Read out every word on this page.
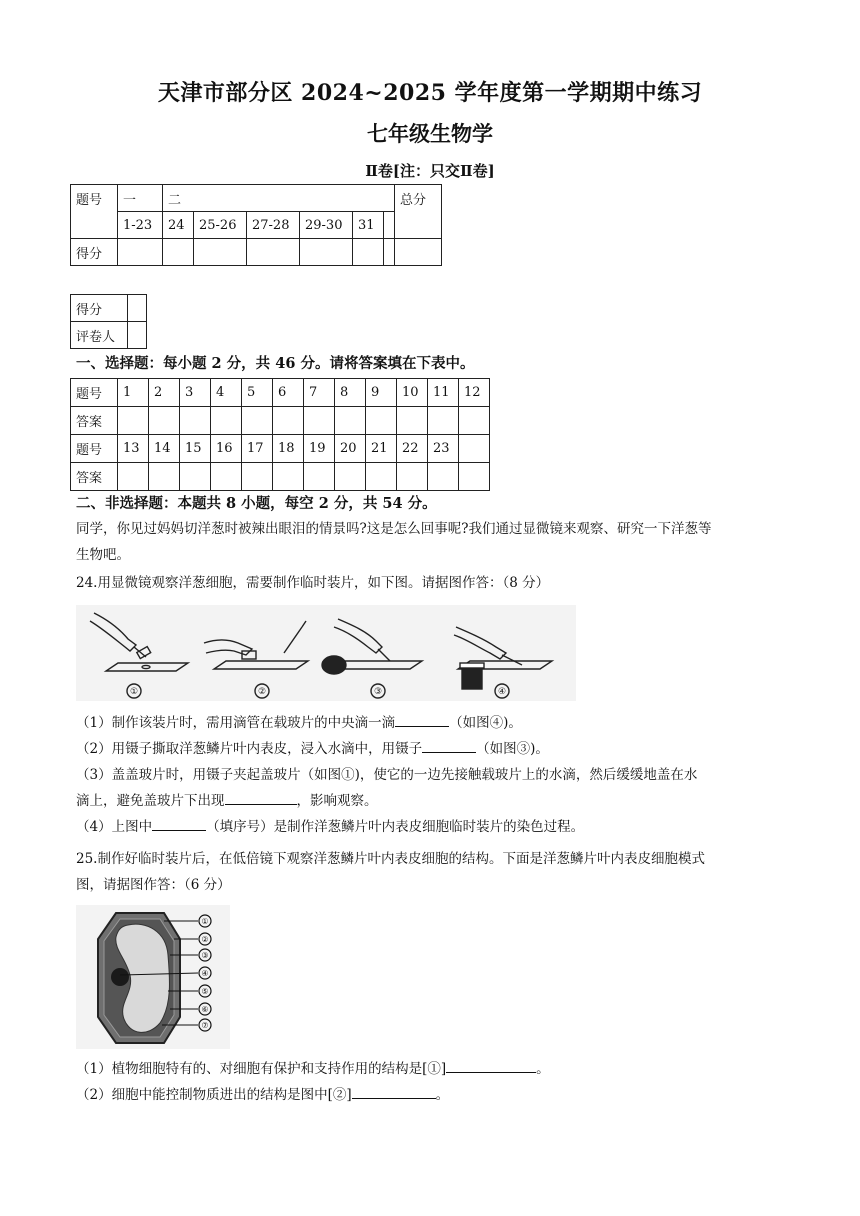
天津市部分区 2024~2025 学年度第一学期期中练习
七年级生物学
Ⅱ卷[注：只交Ⅱ卷]
题号	一	二						总分
	1-23	24	25-26	27-28	29-30	31		
得分								
得分	
评卷人	
一、选择题：每小题 2 分，共 46 分。请将答案填在下表中。
题号	1	2	3	4	5	6	7	8	9	10	11	12
答案												
题号	13	14	15	16	17	18	19	20	21	22	23	
答案												
二、非选择题：本题共 8 小题，每空 2 分，共 54 分。
同学，你见过妈妈切洋葱时被辣出眼泪的情景吗?这是怎么回事呢?我们通过显微镜来观察、研究一下洋葱等
生物吧。
24.用显微镜观察洋葱细胞，需要制作临时装片，如下图。请据图作答：（8 分）
①	②	③	④
（1）制作该装片时，需用滴管在载玻片的中央滴一滴	（如图④)。
（2）用镊子撕取洋葱鳞片叶内表皮，浸入水滴中，用镊子	（如图③)。
（3）盖盖玻片时，用镊子夹起盖玻片（如图①)，使它的一边先接触载玻片上的水滴，然后缓缓地盖在水
滴上，避免盖玻片下出现	，影响观察。
（4）上图中	（填序号）是制作洋葱鳞片叶内表皮细胞临时装片的染色过程。
25.制作好临时装片后，在低倍镜下观察洋葱鳞片叶内表皮细胞的结构。下面是洋葱鳞片叶内表皮细胞模式
图，请据图作答：（6 分）
①
②
③
④
⑤
⑥
⑦
（1）植物细胞特有的、对细胞有保护和支持作用的结构是[①]	。
（2）细胞中能控制物质进出的结构是图中[②]	。
